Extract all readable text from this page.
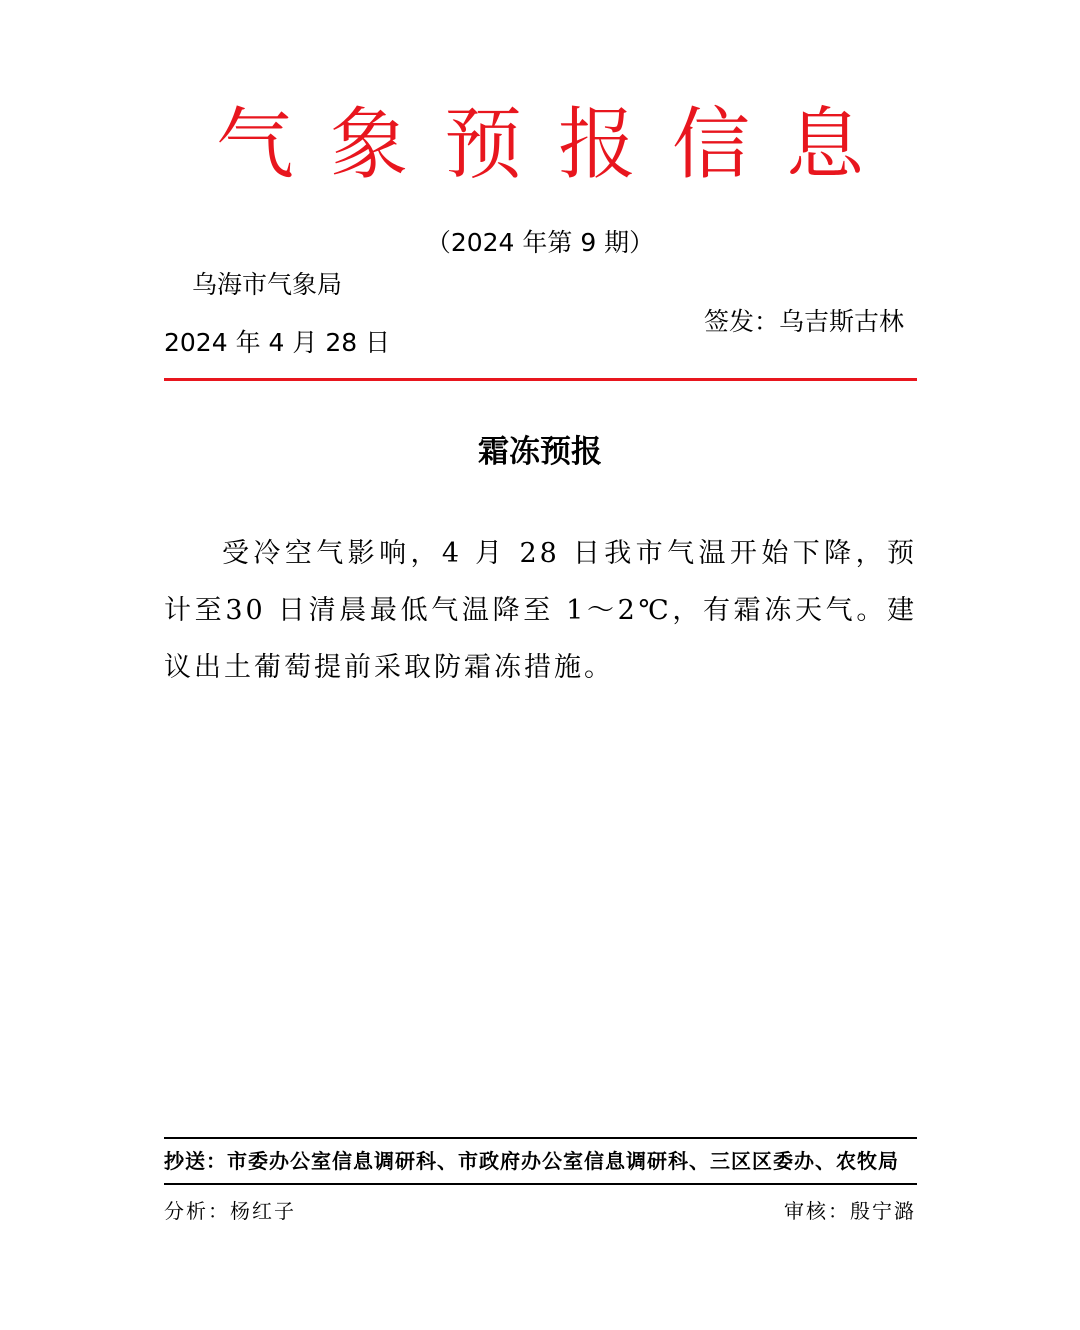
气象预报信息
（2024 年第 9 期）
乌海市气象局
签发：乌吉斯古林
2024 年 4 月 28 日
霜冻预报

受冷空气影响，4 月 28 日我市气温开始下降，预计至30 日清晨最低气温降至 1～2℃，有霜冻天气。建议出土葡萄提前采取防霜冻措施。

抄送：市委办公室信息调研科、市政府办公室信息调研科、三区区委办、农牧局
分析：杨红子	审核：殷宁潞
